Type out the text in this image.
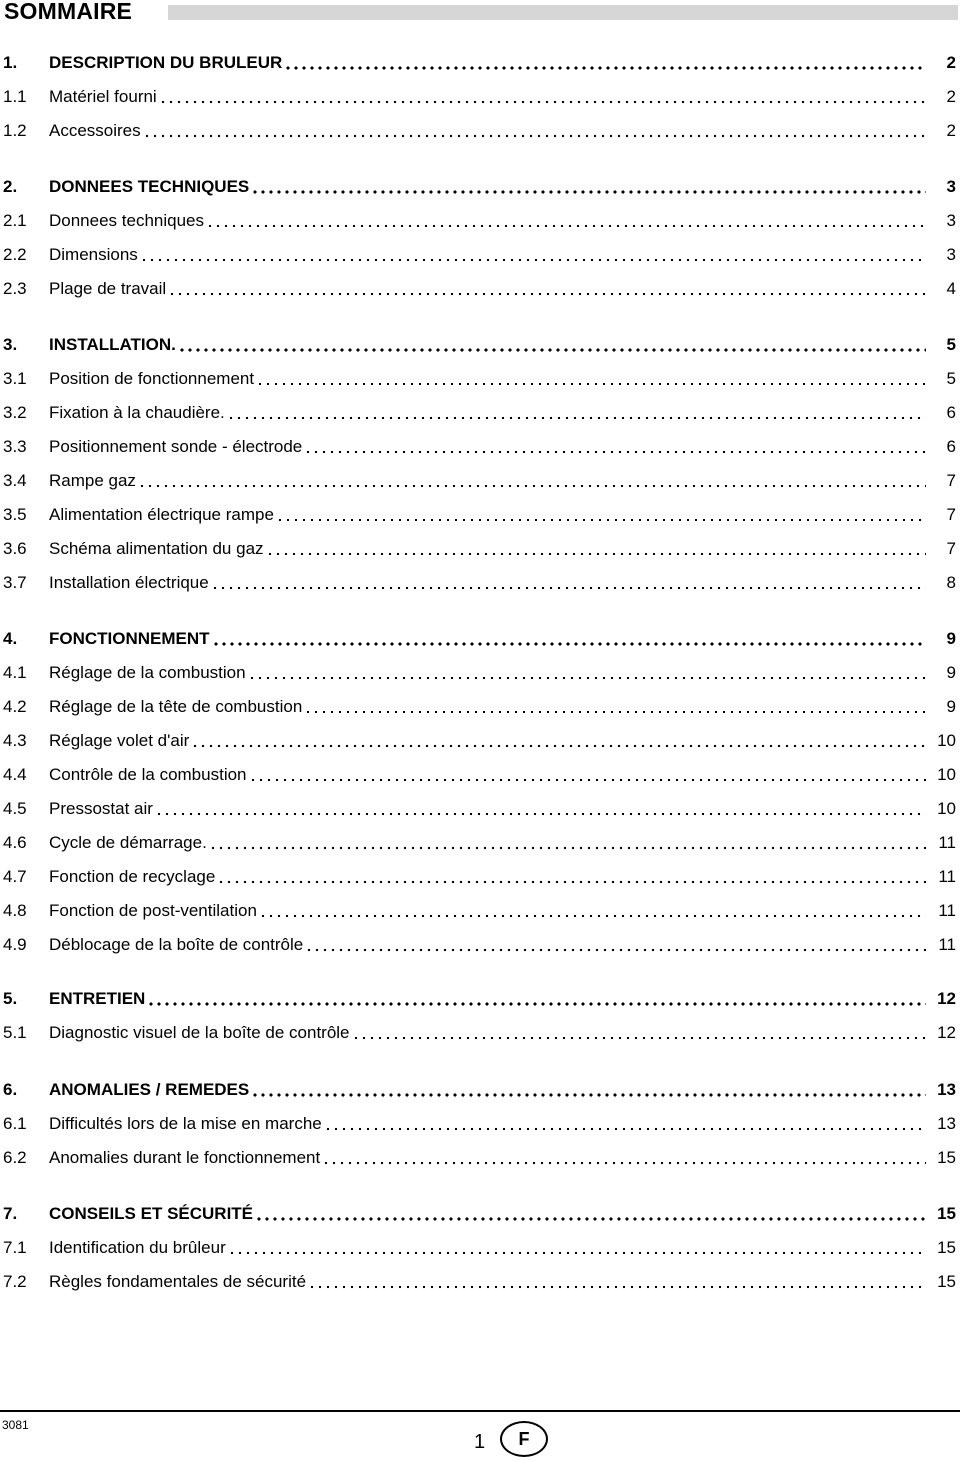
SOMMAIRE
1.	DESCRIPTION DU BRULEUR	2
1.1	Matériel fourni	2
1.2	Accessoires	2
2.	DONNEES TECHNIQUES	3
2.1	Donnees techniques	3
2.2	Dimensions	3
2.3	Plage de travail	4
3.	INSTALLATION.	5
3.1	Position de fonctionnement	5
3.2	Fixation à la chaudière.	6
3.3	Positionnement sonde - électrode	6
3.4	Rampe gaz	7
3.5	Alimentation électrique rampe	7
3.6	Schéma alimentation du gaz	7
3.7	Installation électrique	8
4.	FONCTIONNEMENT	9
4.1	Réglage de la combustion	9
4.2	Réglage de la tête de combustion	9
4.3	Réglage volet d'air	10
4.4	Contrôle de la combustion	10
4.5	Pressostat air	10
4.6	Cycle de démarrage.	11
4.7	Fonction de recyclage	11
4.8	Fonction de post-ventilation	11
4.9	Déblocage de la boîte de contrôle	11
5.	ENTRETIEN	12
5.1	Diagnostic visuel de la boîte de contrôle	12
6.	ANOMALIES / REMEDES	13
6.1	Difficultés lors de la mise en marche	13
6.2	Anomalies durant le fonctionnement	15
7.	CONSEILS ET SÉCURITÉ	15
7.1	Identification du brûleur	15
7.2	Règles fondamentales de sécurité	15
3081
1 F
